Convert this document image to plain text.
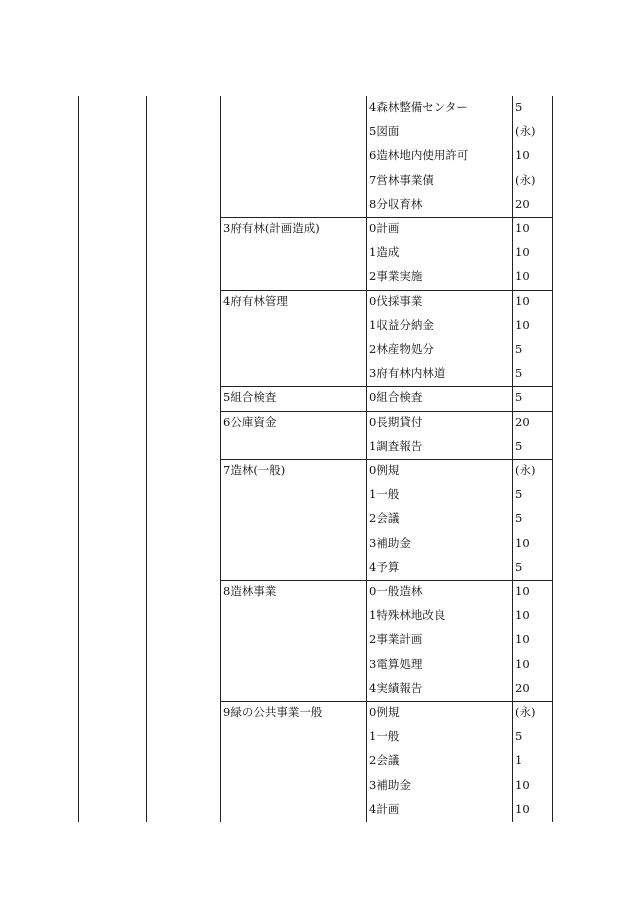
4森林整備センター	5
5図面	(永)
6造林地内使用許可	10
7営林事業債	(永)
8分収育林	20
3府有林(計画造成)	0計画	10
1造成	10
2事業実施	10
4府有林管理	0伐採事業	10
1収益分納金	10
2林産物処分	5
3府有林内林道	5
5組合検査	0組合検査	5
6公庫資金	0長期貸付	20
1調査報告	5
7造林(一般)	0例規	(永)
1一般	5
2会議	5
3補助金	10
4予算	5
8造林事業	0一般造林	10
1特殊林地改良	10
2事業計画	10
3電算処理	10
4実績報告	20
9緑の公共事業一般	0例規	(永)
1一般	5
2会議	1
3補助金	10
4計画	10
